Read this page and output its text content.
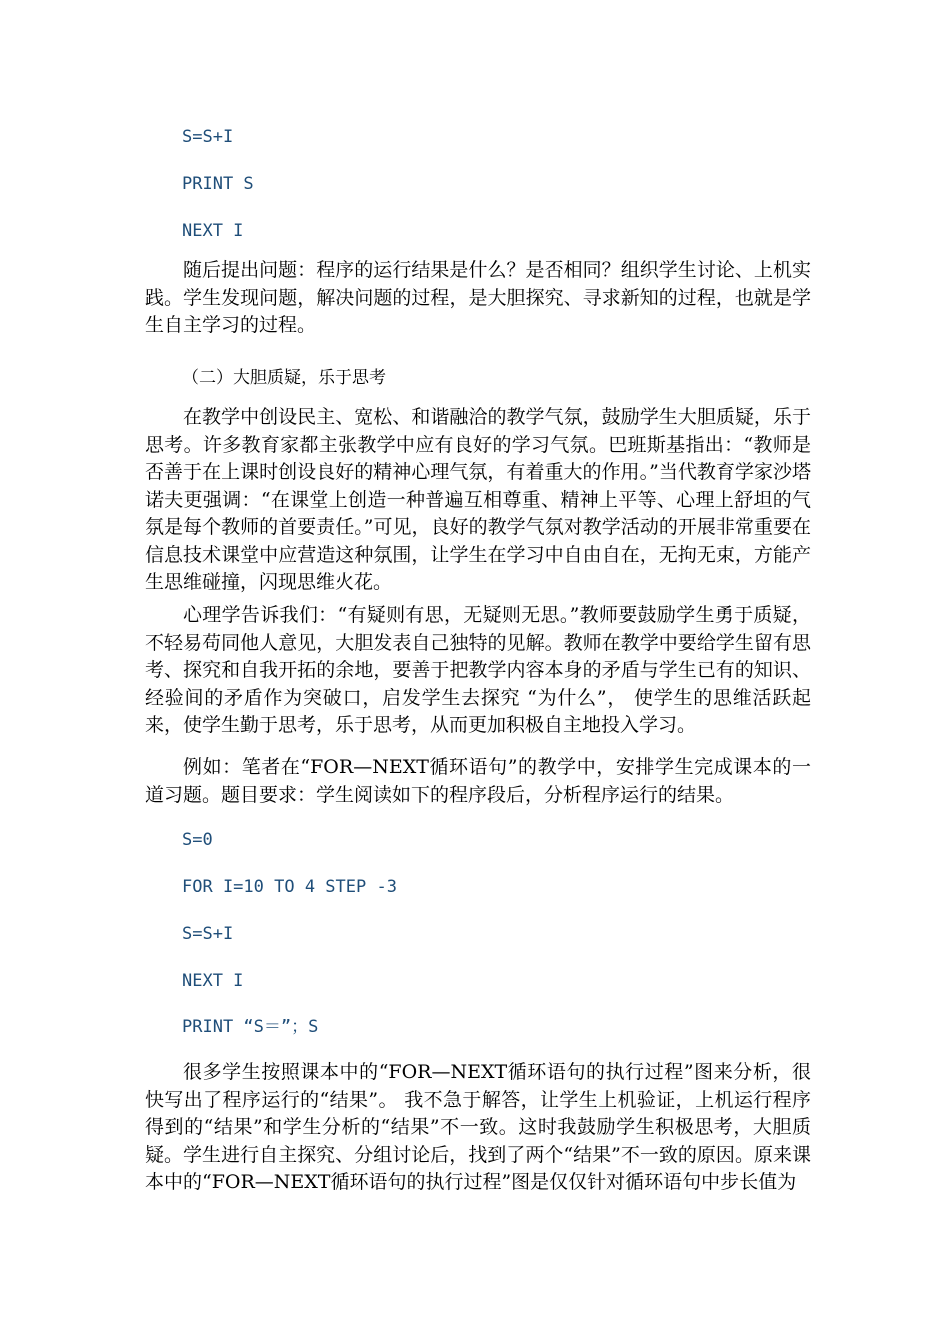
S=S+I
PRINT S
NEXT I

随后提出问题：程序的运行结果是什么？是否相同？组织学生讨论、上机实践。学生发现问题，解决问题的过程，是大胆探究、寻求新知的过程，也就是学生自主学习的过程。

（二）大胆质疑，乐于思考

在教学中创设民主、宽松、和谐融洽的教学气氛，鼓励学生大胆质疑，乐于思考。许多教育家都主张教学中应有良好的学习气氛。巴班斯基指出：“教师是否善于在上课时创设良好的精神心理气氛，有着重大的作用。”当代教育学家沙塔诺夫更强调：“在课堂上创造一种普遍互相尊重、精神上平等、心理上舒坦的气氛是每个教师的首要责任。”可见，良好的教学气氛对教学活动的开展非常重要在信息技术课堂中应营造这种氛围，让学生在学习中自由自在，无拘无束，方能产生思维碰撞，闪现思维火花。

心理学告诉我们：“有疑则有思，无疑则无思。”教师要鼓励学生勇于质疑，不轻易苟同他人意见，大胆发表自己独特的见解。教师在教学中要给学生留有思考、探究和自我开拓的余地，要善于把教学内容本身的矛盾与学生已有的知识、经验间的矛盾作为突破口，启发学生去探究 “为什么”， 使学生的思维活跃起来，使学生勤于思考，乐于思考，从而更加积极自主地投入学习。

例如：笔者在“FOR—NEXT循环语句”的教学中，安排学生完成课本的一道习题。题目要求：学生阅读如下的程序段后，分析程序运行的结果。

S=0
FOR I=10 TO 4 STEP -3
S=S+I
NEXT I
PRINT “S＝”；S

很多学生按照课本中的“FOR—NEXT循环语句的执行过程”图来分析，很快写出了程序运行的“结果”。 我不急于解答，让学生上机验证，上机运行程序得到的“结果”和学生分析的“结果”不一致。这时我鼓励学生积极思考，大胆质疑。学生进行自主探究、分组讨论后，找到了两个“结果”不一致的原因。原来课本中的“FOR—NEXT循环语句的执行过程”图是仅仅针对循环语句中步长值为
